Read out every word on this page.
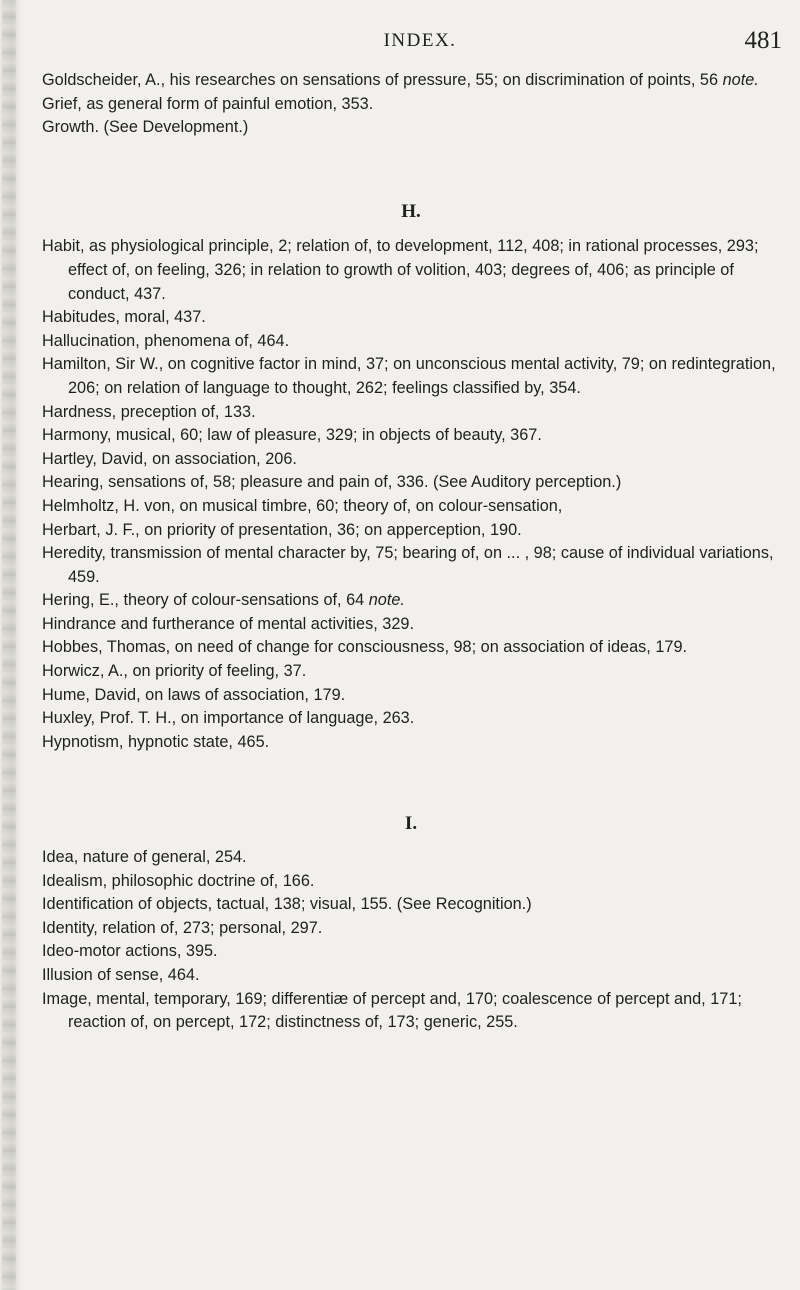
INDEX.	481

Goldscheider, A., his researches on sensations of pressure, 55; on discrimination of points, 56 note.

Grief, as general form of painful emotion, 353.

Growth. (See Development.)

H.

Habit, as physiological principle, 2; relation of, to development, 112, 408; in rational processes, 293; effect of, on feeling, 326; in relation to growth of volition, 403; degrees of, 406; as principle of conduct, 437.

Habitudes, moral, 437.

Hallucination, phenomena of, 464.

Hamilton, Sir W., on cognitive factor in mind, 37; on unconscious mental activity, 79; on redintegration, 206; on relation of language to thought, 262; feelings classified by, 354.

Hardness, preception of, 133.

Harmony, musical, 60; law of pleasure, 329; in objects of beauty, 367.

Hartley, David, on association, 206.

Hearing, sensations of, 58; pleasure and pain of, 336. (See Auditory perception.)

Helmholtz, H. von, on musical timbre, 60; theory of, on colour-sensation,

Herbart, J. F., on priority of presentation, 36; on apperception, 190.

Heredity, transmission of mental character by, 75; bearing of, on ... , 98; cause of individual variations, 459.

Hering, E., theory of colour-sensations of, 64 note.

Hindrance and furtherance of mental activities, 329.

Hobbes, Thomas, on need of change for consciousness, 98; on association of ideas, 179.

Horwicz, A., on priority of feeling, 37.

Hume, David, on laws of association, 179.

Huxley, Prof. T. H., on importance of language, 263.

Hypnotism, hypnotic state, 465.

I.

Idea, nature of general, 254.

Idealism, philosophic doctrine of, 166.

Identification of objects, tactual, 138; visual, 155. (See Recognition.)

Identity, relation of, 273; personal, 297.

Ideo-motor actions, 395.

Illusion of sense, 464.

Image, mental, temporary, 169; differentiæ of percept and, 170; coalescence of percept and, 171; reaction of, on percept, 172; distinctness of, 173; generic, 255.
